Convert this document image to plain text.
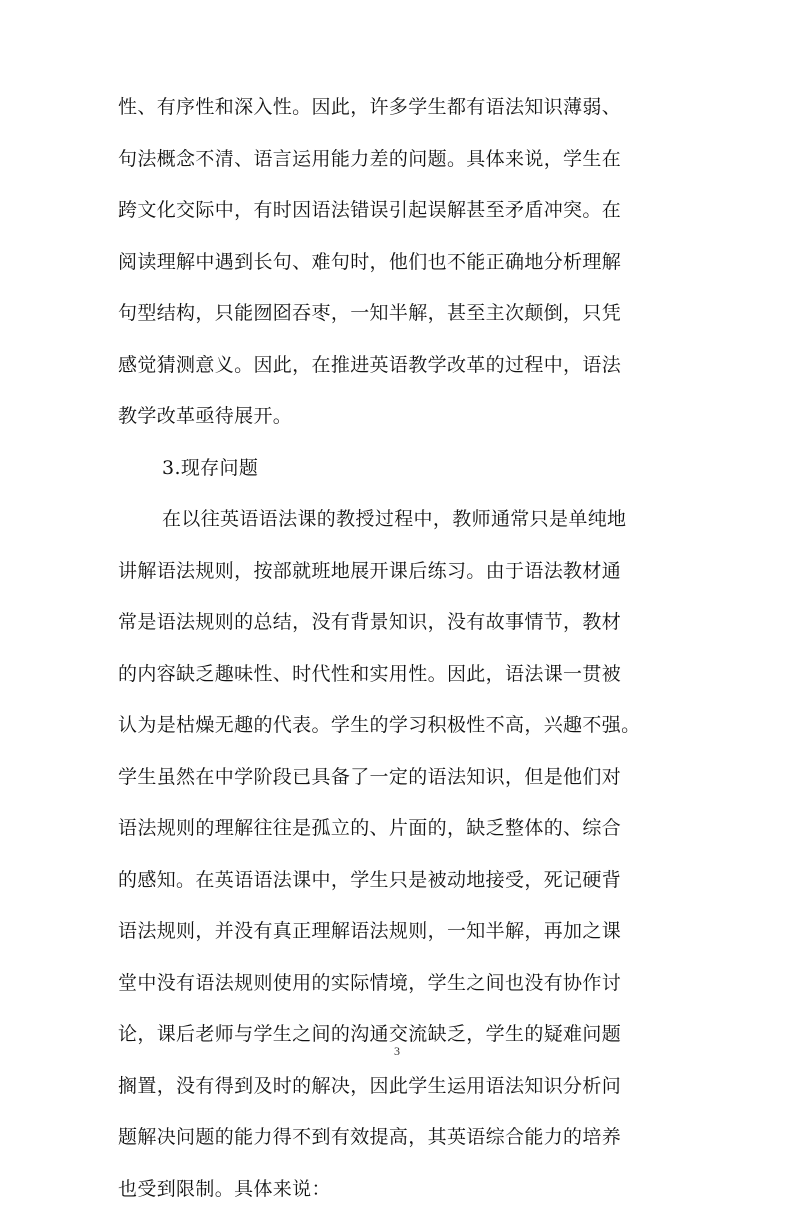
性、有序性和深入性。因此，许多学生都有语法知识薄弱、
句法概念不清、语言运用能力差的问题。具体来说，学生在
跨文化交际中，有时因语法错误引起误解甚至矛盾冲突。在
阅读理解中遇到长句、难句时，他们也不能正确地分析理解
句型结构，只能囫囵吞枣，一知半解，甚至主次颠倒，只凭
感觉猜测意义。因此，在推进英语教学改革的过程中，语法
教学改革亟待展开。
3.现存问题
在以往英语语法课的教授过程中，教师通常只是单纯地
讲解语法规则，按部就班地展开课后练习。由于语法教材通
常是语法规则的总结，没有背景知识，没有故事情节，教材
的内容缺乏趣味性、时代性和实用性。因此，语法课一贯被
认为是枯燥无趣的代表。学生的学习积极性不高，兴趣不强。
学生虽然在中学阶段已具备了一定的语法知识，但是他们对
语法规则的理解往往是孤立的、片面的，缺乏整体的、综合
的感知。在英语语法课中，学生只是被动地接受，死记硬背
语法规则，并没有真正理解语法规则，一知半解，再加之课
堂中没有语法规则使用的实际情境，学生之间也没有协作讨
论，课后老师与学生之间的沟通交流缺乏，学生的疑难问题
搁置，没有得到及时的解决，因此学生运用语法知识分析问
题解决问题的能力得不到有效提高，其英语综合能力的培养
也受到限制。具体来说：
3
